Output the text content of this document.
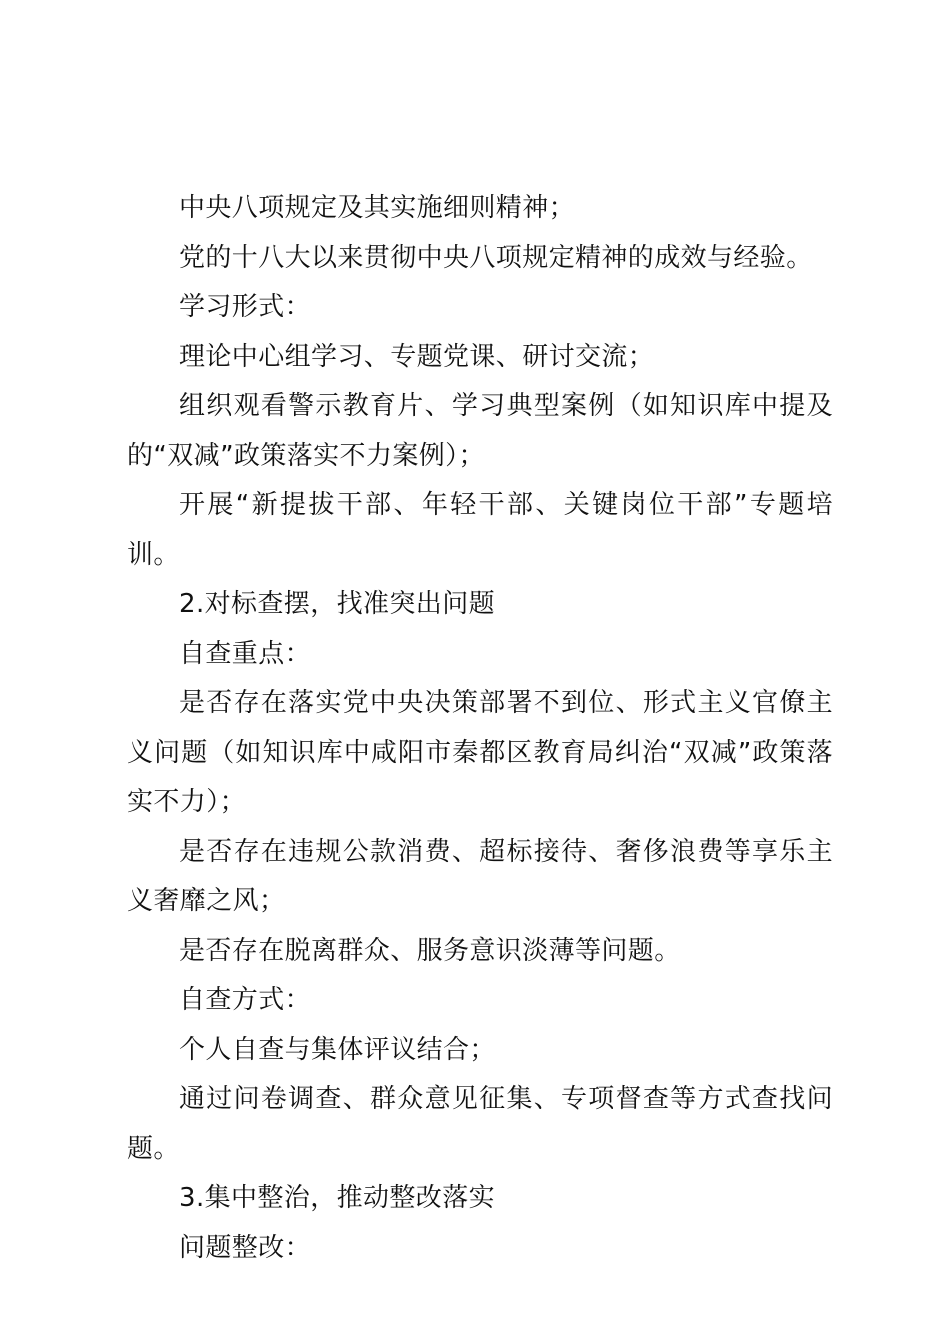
中央八项规定及其实施细则精神；

党的十八大以来贯彻中央八项规定精神的成效与经验。

学习形式：

理论中心组学习、专题党课、研讨交流；

组织观看警示教育片、学习典型案例（如知识库中提及的“双减”政策落实不力案例）；

开展“新提拔干部、年轻干部、关键岗位干部”专题培训。

2.对标查摆，找准突出问题

自查重点：

是否存在落实党中央决策部署不到位、形式主义官僚主义问题（如知识库中咸阳市秦都区教育局纠治“双减”政策落实不力）；

是否存在违规公款消费、超标接待、奢侈浪费等享乐主义奢靡之风；

是否存在脱离群众、服务意识淡薄等问题。

自查方式：

个人自查与集体评议结合；

通过问卷调查、群众意见征集、专项督查等方式查找问题。

3.集中整治，推动整改落实

问题整改：
